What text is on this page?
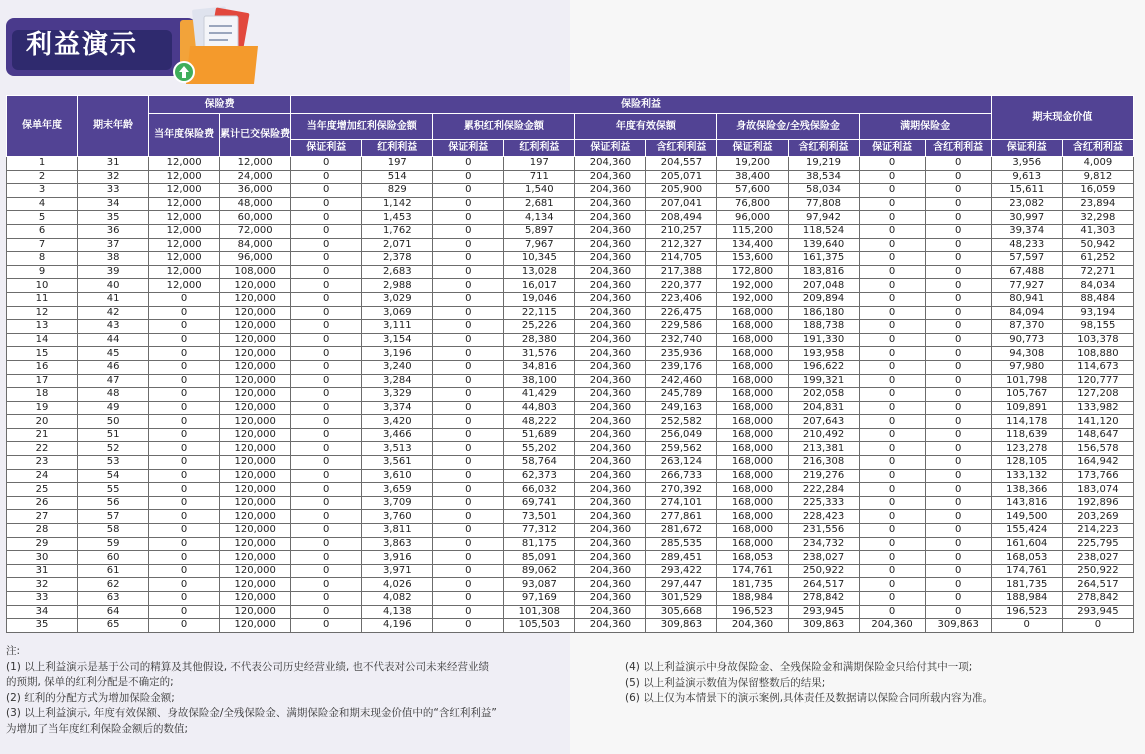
利益演示
保单年度	期末年龄	保险费		保险利益										期末现金价值	
		当年度保险费	累计已交保险费	当年度增加红利保险金额		累积红利保险金额		年度有效保额		身故保险金/全残保险金		满期保险金			
				保证利益	红利利益	保证利益	红利利益	保证利益	含红利利益	保证利益	含红利利益	保证利益	含红利利益	保证利益	含红利利益
1	31	12,000	12,000	0	197	0	197	204,360	204,557	19,200	19,219	0	0	3,956	4,009
2	32	12,000	24,000	0	514	0	711	204,360	205,071	38,400	38,534	0	0	9,613	9,812
3	33	12,000	36,000	0	829	0	1,540	204,360	205,900	57,600	58,034	0	0	15,611	16,059
4	34	12,000	48,000	0	1,142	0	2,681	204,360	207,041	76,800	77,808	0	0	23,082	23,894
5	35	12,000	60,000	0	1,453	0	4,134	204,360	208,494	96,000	97,942	0	0	30,997	32,298
6	36	12,000	72,000	0	1,762	0	5,897	204,360	210,257	115,200	118,524	0	0	39,374	41,303
7	37	12,000	84,000	0	2,071	0	7,967	204,360	212,327	134,400	139,640	0	0	48,233	50,942
8	38	12,000	96,000	0	2,378	0	10,345	204,360	214,705	153,600	161,375	0	0	57,597	61,252
9	39	12,000	108,000	0	2,683	0	13,028	204,360	217,388	172,800	183,816	0	0	67,488	72,271
10	40	12,000	120,000	0	2,988	0	16,017	204,360	220,377	192,000	207,048	0	0	77,927	84,034
11	41	0	120,000	0	3,029	0	19,046	204,360	223,406	192,000	209,894	0	0	80,941	88,484
12	42	0	120,000	0	3,069	0	22,115	204,360	226,475	168,000	186,180	0	0	84,094	93,194
13	43	0	120,000	0	3,111	0	25,226	204,360	229,586	168,000	188,738	0	0	87,370	98,155
14	44	0	120,000	0	3,154	0	28,380	204,360	232,740	168,000	191,330	0	0	90,773	103,378
15	45	0	120,000	0	3,196	0	31,576	204,360	235,936	168,000	193,958	0	0	94,308	108,880
16	46	0	120,000	0	3,240	0	34,816	204,360	239,176	168,000	196,622	0	0	97,980	114,673
17	47	0	120,000	0	3,284	0	38,100	204,360	242,460	168,000	199,321	0	0	101,798	120,777
18	48	0	120,000	0	3,329	0	41,429	204,360	245,789	168,000	202,058	0	0	105,767	127,208
19	49	0	120,000	0	3,374	0	44,803	204,360	249,163	168,000	204,831	0	0	109,891	133,982
20	50	0	120,000	0	3,420	0	48,222	204,360	252,582	168,000	207,643	0	0	114,178	141,120
21	51	0	120,000	0	3,466	0	51,689	204,360	256,049	168,000	210,492	0	0	118,639	148,647
22	52	0	120,000	0	3,513	0	55,202	204,360	259,562	168,000	213,381	0	0	123,278	156,578
23	53	0	120,000	0	3,561	0	58,764	204,360	263,124	168,000	216,308	0	0	128,105	164,942
24	54	0	120,000	0	3,610	0	62,373	204,360	266,733	168,000	219,276	0	0	133,132	173,766
25	55	0	120,000	0	3,659	0	66,032	204,360	270,392	168,000	222,284	0	0	138,366	183,074
26	56	0	120,000	0	3,709	0	69,741	204,360	274,101	168,000	225,333	0	0	143,816	192,896
27	57	0	120,000	0	3,760	0	73,501	204,360	277,861	168,000	228,423	0	0	149,500	203,269
28	58	0	120,000	0	3,811	0	77,312	204,360	281,672	168,000	231,556	0	0	155,424	214,223
29	59	0	120,000	0	3,863	0	81,175	204,360	285,535	168,000	234,732	0	0	161,604	225,795
30	60	0	120,000	0	3,916	0	85,091	204,360	289,451	168,053	238,027	0	0	168,053	238,027
31	61	0	120,000	0	3,971	0	89,062	204,360	293,422	174,761	250,922	0	0	174,761	250,922
32	62	0	120,000	0	4,026	0	93,087	204,360	297,447	181,735	264,517	0	0	181,735	264,517
33	63	0	120,000	0	4,082	0	97,169	204,360	301,529	188,984	278,842	0	0	188,984	278,842
34	64	0	120,000	0	4,138	0	101,308	204,360	305,668	196,523	293,945	0	0	196,523	293,945
35	65	0	120,000	0	4,196	0	105,503	204,360	309,863	204,360	309,863	204,360	309,863	0	0

注:

(1) 以上利益演示是基于公司的精算及其他假设, 不代表公司历史经营业绩, 也不代表对公司未来经营业绩

的预期, 保单的红利分配是不确定的;

(2) 红利的分配方式为增加保险金额;

(3) 以上利益演示, 年度有效保额、身故保险金/全残保险金、满期保险金和期末现金价值中的“含红利利益”

为增加了当年度红利保险金额后的数值;

(4) 以上利益演示中身故保险金、全残保险金和满期保险金只给付其中一项;

(5) 以上利益演示数值为保留整数后的结果;

(6) 以上仅为本情景下的演示案例,具体责任及数据请以保险合同所载内容为准。
